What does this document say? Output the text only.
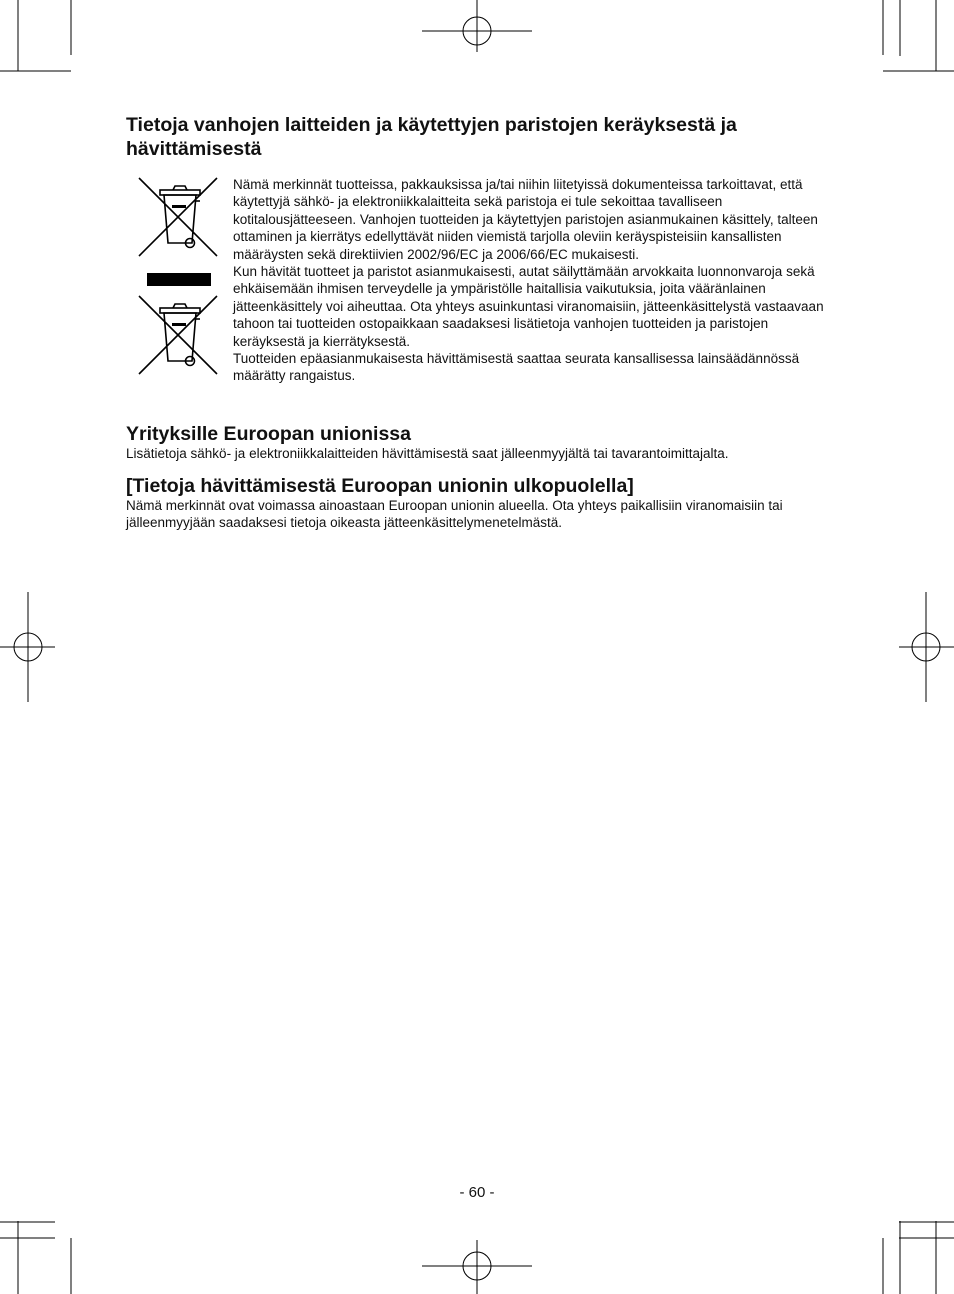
Tietoja vanhojen laitteiden ja käytettyjen paristojen keräyksestä ja hävittämisestä

Nämä merkinnät tuotteissa, pakkauksissa ja/tai niihin liitetyissä dokumenteissa tarkoittavat, että käytettyjä sähkö- ja elektroniikkalaitteita sekä paristoja ei tule sekoittaa tavalliseen kotitalousjätteeseen. Vanhojen tuotteiden ja käytettyjen paristojen asianmukainen käsittely, talteen ottaminen ja kierrätys edellyttävät niiden viemistä tarjolla oleviin keräyspisteisiin kansallisten määräysten sekä direktiivien 2002/96/EC ja 2006/66/EC mukaisesti.

Kun hävität tuotteet ja paristot asianmukaisesti, autat säilyttämään arvokkaita luonnonvaroja sekä ehkäisemään ihmisen terveydelle ja ympäristölle haitallisia vaikutuksia, joita vääränlainen jätteenkäsittely voi aiheuttaa. Ota yhteys asuinkuntasi viranomaisiin, jätteenkäsittelystä vastaavaan tahoon tai tuotteiden ostopaikkaan saadaksesi lisätietoja vanhojen tuotteiden ja paristojen keräyksestä ja kierrätyksestä.

Tuotteiden epäasianmukaisesta hävittämisestä saattaa seurata kansallisessa lainsäädännössä määrätty rangaistus.

Yrityksille Euroopan unionissa

Lisätietoja sähkö- ja elektroniikkalaitteiden hävittämisestä saat jälleenmyyjältä tai tavarantoimittajalta.

[Tietoja hävittämisestä Euroopan unionin ulkopuolella]

Nämä merkinnät ovat voimassa ainoastaan Euroopan unionin alueella. Ota yhteys paikallisiin viranomaisiin tai jälleenmyyjään saadaksesi tietoja oikeasta jätteenkäsittelymenetelmästä.

- 60 -
